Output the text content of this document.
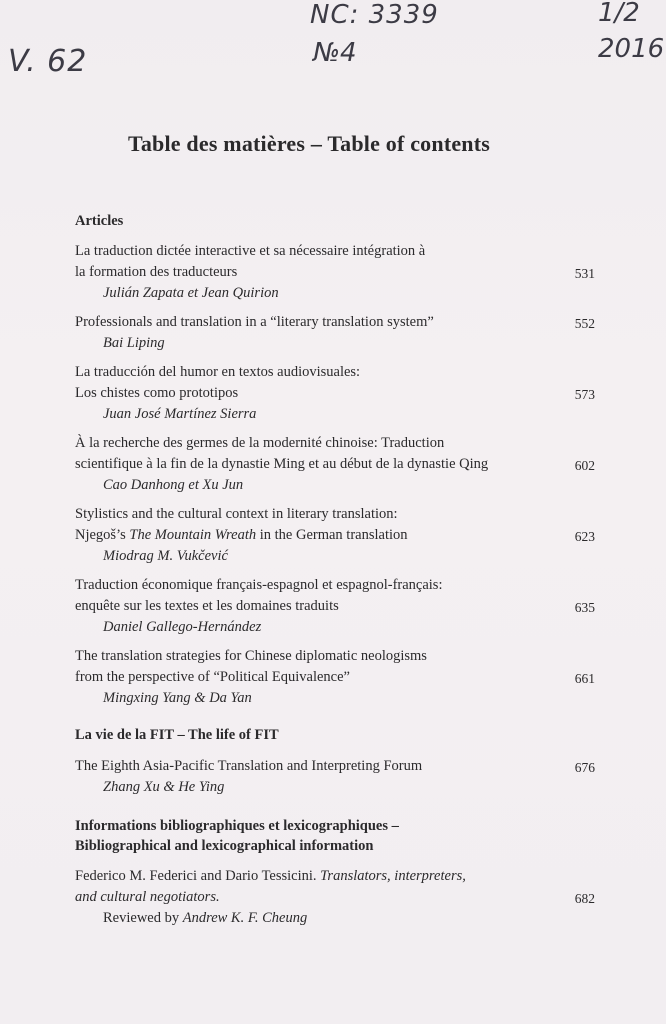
V. 62
NC: 3339
№4
1/2
2016
Table des matières – Table of contents
Articles
La traduction dictée interactive et sa nécessaire intégration à
la formation des traducteurs	531
Julián Zapata et Jean Quirion
Professionals and translation in a “literary translation system”	552
Bai Liping
La traducción del humor en textos audiovisuales:
Los chistes como prototipos	573
Juan José Martínez Sierra
À la recherche des germes de la modernité chinoise: Traduction
scientifique à la fin de la dynastie Ming et au début de la dynastie Qing	602
Cao Danhong et Xu Jun
Stylistics and the cultural context in literary translation:
Njegoš’s The Mountain Wreath in the German translation	623
Miodrag M. Vukčević
Traduction économique français-espagnol et espagnol-français:
enquête sur les textes et les domaines traduits	635
Daniel Gallego-Hernández
The translation strategies for Chinese diplomatic neologisms
from the perspective of “Political Equivalence”	661
Mingxing Yang & Da Yan
La vie de la FIT – The life of FIT
The Eighth Asia-Pacific Translation and Interpreting Forum	676
Zhang Xu & He Ying
Informations bibliographiques et lexicographiques –
Bibliographical and lexicographical information
Federico M. Federici and Dario Tessicini. Translators, interpreters,
and cultural negotiators.	682
Reviewed by Andrew K. F. Cheung
